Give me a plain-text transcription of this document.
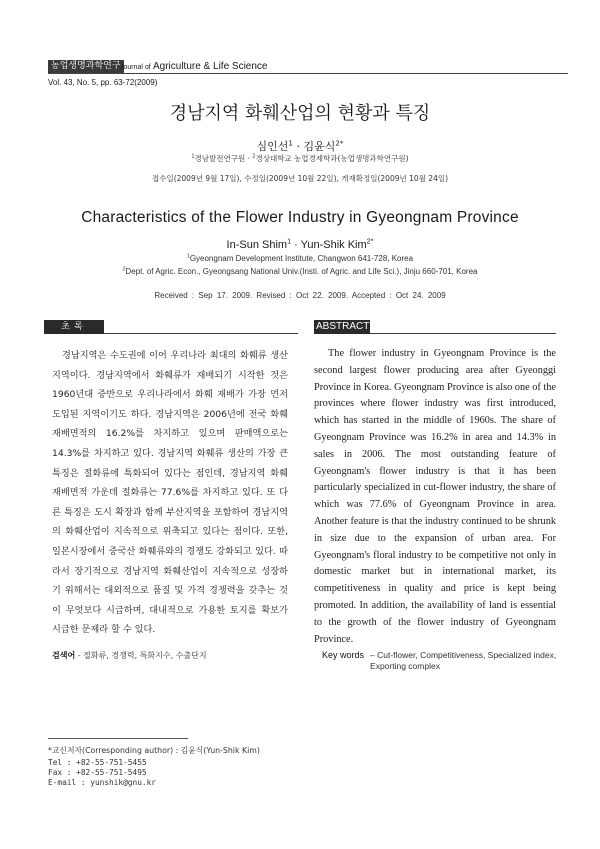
농업생명과학연구 Journal of Agriculture & Life Science
Vol. 43, No. 5, pp. 63-72(2009)
경남지역 화훼산업의 현황과 특징
심인선$^1$ · 김윤식$^{2*}$
$^1$경남발전연구원 · $^2$경상대학교 농업경제학과(농업생명과학연구원)
접수일(2009년 9월 17일), 수정일(2009년 10월 22일), 게재확정일(2009년 10월 24일)
Characteristics of the Flower Industry in Gyeongnam Province
In-Sun Shim$^1$ · Yun-Shik Kim$^{2*}$
$^1$Gyeongnam Development Institute, Changwon 641-728, Korea
$^2$Dept. of Agric. Econ., Gyeongsang National Univ.(Insti. of Agric. and Life Sci.), Jinju 660-701, Korea
Received : Sep 17. 2009. Revised : Oct 22. 2009. Accepted : Oct 24. 2009
초록	ABSTRACT
경남지역은 수도권에 이어 우리나라 최대의 화훼류 생산지역이다. 경남지역에서 화훼류가 재배되기 시작한 것은 1960년대 중반으로 우리나라에서 화훼 재배가 가장 먼저 도입된 지역이기도 하다. 경남지역은 2006년에 전국 화훼 재배면적의 16.2%를 차지하고 있으며 판매액으로는 14.3%를 차지하고 있다. 경남지역 화훼류 생산의 가장 큰 특징은 절화류에 특화되어 있다는 점인데, 경남지역 화훼 재배면적 가운데 절화류는 77.6%를 차지하고 있다. 또 다른 특징은 도시 확장과 함께 부산지역을 포함하여 경남지역의 화훼산업이 지속적으로 위축되고 있다는 점이다. 또한, 일본시장에서 중국산 화훼류와의 경쟁도 강화되고 있다. 따라서 장기적으로 경남지역 화훼산업이 지속적으로 성장하기 위해서는 대외적으로 품질 및 가격 경쟁력을 갖추는 것이 무엇보다 시급하며, 대내적으로 가용한 토지를 확보가 시급한 문제라 할 수 있다.
The flower industry in Gyeongnam Province is the second largest flower producing area after Gyeonggi Province in Korea. Gyeongnam Province is also one of the provinces where flower industry was first introduced, which has started in the middle of 1960s. The share of Gyeongnam Province was 16.2% in area and 14.3% in sales in 2006. The most outstanding feature of Gyeongnam's flower industry is that it has been particularly specialized in cut-flower industry, the share of which was 77.6% of Gyeongnam Province in area. Another feature is that the industry continued to be shrunk in size due to the expansion of urban area. For Gyeongnam's floral industry to be competitive not only in domestic market but in international market, its competitiveness in quality and price is kept being promoted. In addition, the availability of land is essential to the growth of the flower industry of Gyeongnam Province.
검색어 - 절화류, 경쟁력, 특화지수, 수출단지	Key words – Cut-flower, Competitiveness, Specialized index, Exporting complex
*교신저자(Corresponding author) : 김윤식(Yun-Shik Kim)
Tel : +82-55-751-5455
Fax : +82-55-751-5495
E-mail : yunshik@gnu.kr
